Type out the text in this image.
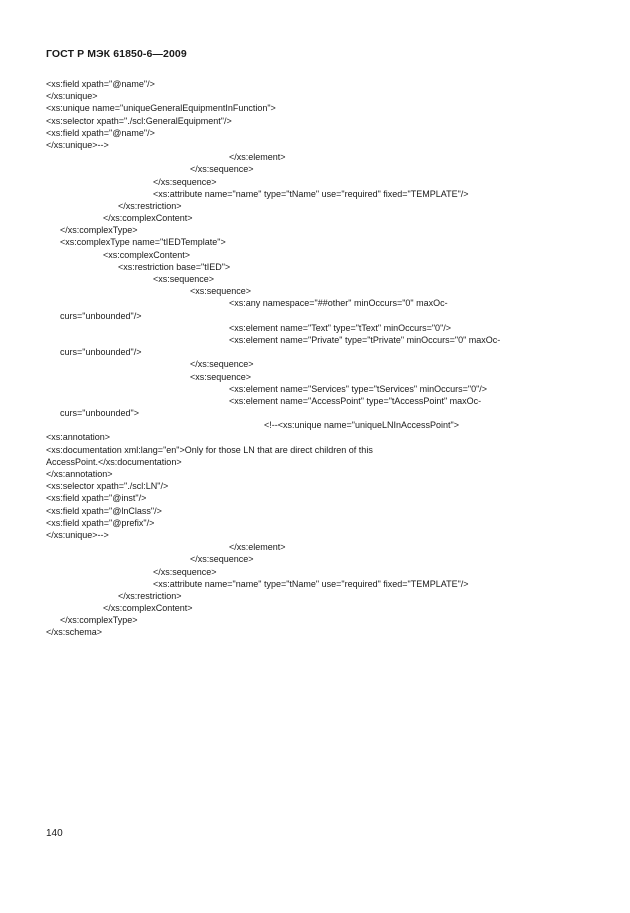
ГОСТ Р МЭК 61850-6—2009
<xs:field xpath="@name"/>
</xs:unique>
<xs:unique name="uniqueGeneralEquipmentInFunction">
<xs:selector xpath="./scl:GeneralEquipment"/>
<xs:field xpath="@name"/>
</xs:unique>-->
</xs:element>
</xs:sequence>
</xs:sequence>
<xs:attribute name="name" type="tName" use="required" fixed="TEMPLATE"/>
</xs:restriction>
</xs:complexContent>
</xs:complexType>
<xs:complexType name="tIEDTemplate">
<xs:complexContent>
<xs:restriction base="tIED">
<xs:sequence>
<xs:sequence>
<xs:any namespace="##other" minOccurs="0" maxOc-
curs="unbounded"/>
<xs:element name="Text" type="tText" minOccurs="0"/>
<xs:element name="Private" type="tPrivate" minOccurs="0" maxOc-
curs="unbounded"/>
</xs:sequence>
<xs:sequence>
<xs:element name="Services" type="tServices" minOccurs="0"/>
<xs:element name="AccessPoint" type="tAccessPoint" maxOc-
curs="unbounded">
<!--<xs:unique name="uniqueLNInAccessPoint">
<xs:annotation>
<xs:documentation xml:lang="en">Only for those LN that are direct children of this
AccessPoint.</xs:documentation>
</xs:annotation>
<xs:selector xpath="./scl:LN"/>
<xs:field xpath="@inst"/>
<xs:field xpath="@lnClass"/>
<xs:field xpath="@prefix"/>
</xs:unique>-->
</xs:element>
</xs:sequence>
</xs:sequence>
<xs:attribute name="name" type="tName" use="required" fixed="TEMPLATE"/>
</xs:restriction>
</xs:complexContent>
</xs:complexType>
</xs:schema>
140
